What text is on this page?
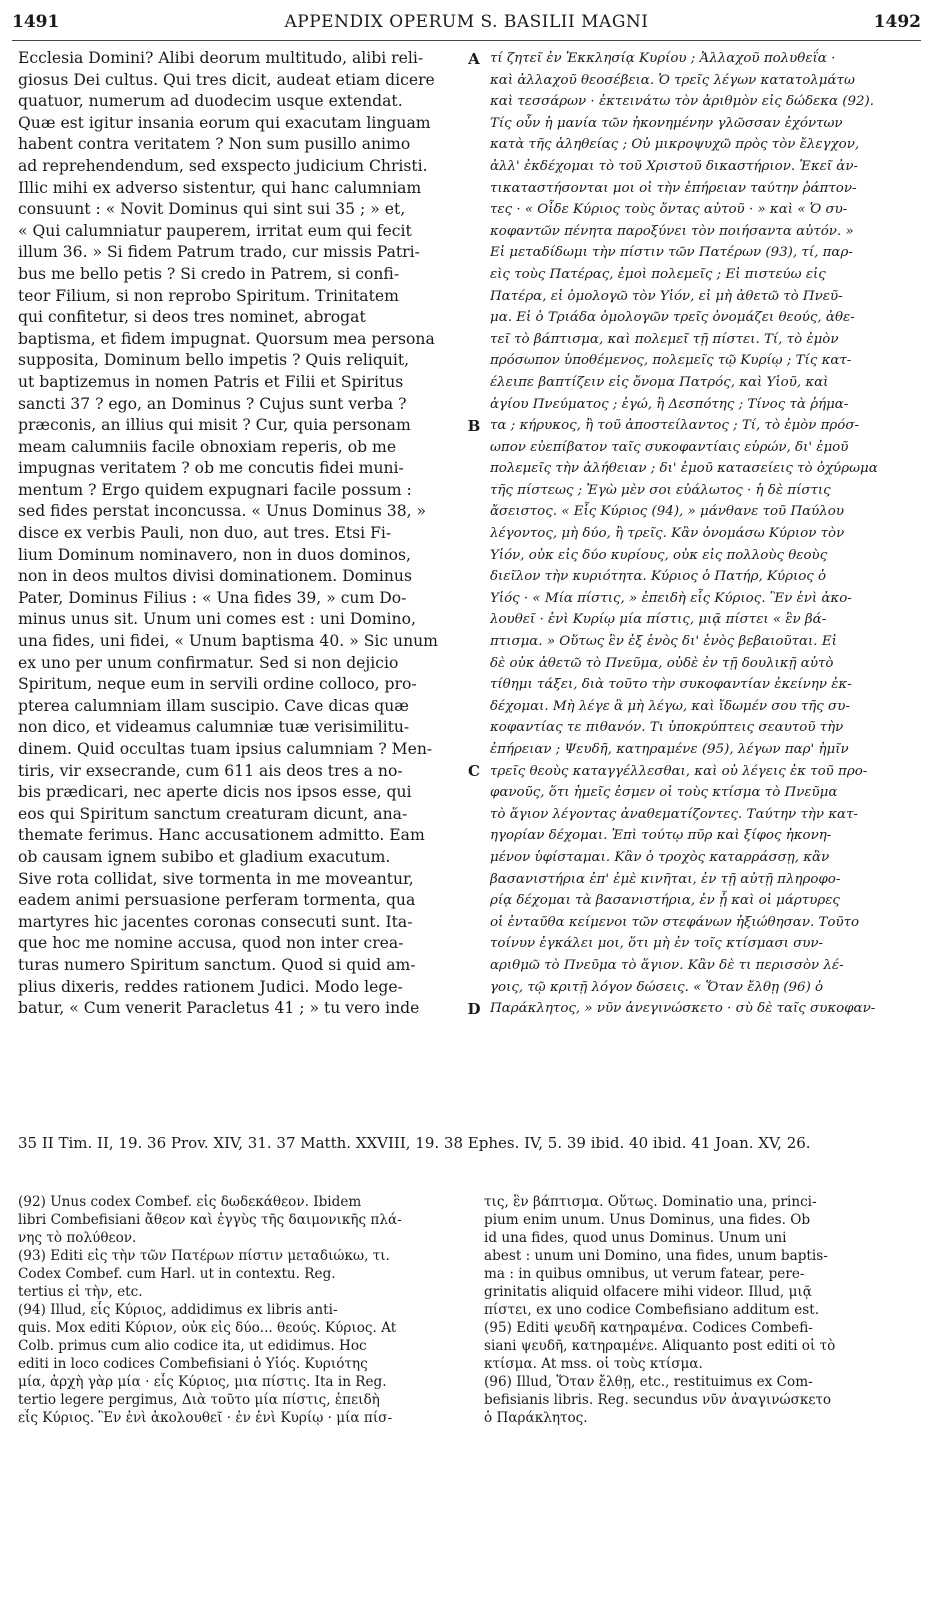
1491	APPENDIX OPERUM S. BASILII MAGNI	1492
Ecclesia Domini? Alibi deorum multitudo, alibi reli-
giosus Dei cultus. Qui tres dicit, audeat etiam dicere
quatuor, numerum ad duodecim usque extendat.
Quæ est igitur insania eorum qui exacutam linguam
habent contra veritatem ? Non sum pusillo animo
ad reprehendendum, sed exspecto judicium Christi.
Illic mihi ex adverso sistentur, qui hanc calumniam
consuunt : « Novit Dominus qui sint sui 35 ; » et,
« Qui calumniatur pauperem, irritat eum qui fecit
illum 36. » Si fidem Patrum trado, cur missis Patri-
bus me bello petis ? Si credo in Patrem, si confi-
teor Filium, si non reprobo Spiritum. Trinitatem
qui confitetur, si deos tres nominet, abrogat
baptisma, et fidem impugnat. Quorsum mea persona
supposita, Dominum bello impetis ? Quis reliquit,
ut baptizemus in nomen Patris et Filii et Spiritus
sancti 37 ? ego, an Dominus ? Cujus sunt verba ?
præconis, an illius qui misit ? Cur, quia personam
meam calumniis facile obnoxiam reperis, ob me
impugnas veritatem ? ob me concutis fidei muni-
mentum ? Ergo quidem expugnari facile possum :
sed fides perstat inconcussa. « Unus Dominus 38, »
disce ex verbis Pauli, non duo, aut tres. Etsi Fi-
lium Dominum nominavero, non in duos dominos,
non in deos multos divisi dominationem. Dominus
Pater, Dominus Filius : « Una fides 39, » cum Do-
minus unus sit. Unum uni comes est : uni Domino,
una fides, uni fidei, « Unum baptisma 40. » Sic unum
ex uno per unum confirmatur. Sed si non dejicio
Spiritum, neque eum in servili ordine colloco, pro-
pterea calumniam illam suscipio. Cave dicas quæ
non dico, et videamus calumniæ tuæ verisimilitu-
dinem. Quid occultas tuam ipsius calumniam ? Men-
tiris, vir exsecrande, cum 611 ais deos tres a no-
bis prædicari, nec aperte dicis nos ipsos esse, qui
eos qui Spiritum sanctum creaturam dicunt, ana-
themate ferimus. Hanc accusationem admitto. Eam
ob causam ignem subibo et gladium exacutum.
Sive rota collidat, sive tormenta in me moveantur,
eadem animi persuasione perferam tormenta, qua
martyres hic jacentes coronas consecuti sunt. Ita-
que hoc me nomine accusa, quod non inter crea-
turas numero Spiritum sanctum. Quod si quid am-
plius dixeris, reddes rationem Judici. Modo lege-
batur, « Cum venerit Paracletus 41 ; » tu vero inde
τί ζητεῖ ἐν Ἐκκλησίᾳ Κυρίου ; Ἀλλαχοῦ πολυθεΐα ·
καὶ ἀλλαχοῦ θεοσέβεια. Ὁ τρεῖς λέγων κατατολμάτω
καὶ τεσσάρων · ἐκτεινάτω τὸν ἀριθμὸν εἰς δώδεκα (92).
Τίς οὖν ἡ μανία τῶν ἠκονημένην γλῶσσαν ἐχόντων
κατὰ τῆς ἀληθείας ; Οὐ μικροψυχῶ πρὸς τὸν ἔλεγχον,
ἀλλ' ἐκδέχομαι τὸ τοῦ Χριστοῦ δικαστήριον. Ἐκεῖ ἀν-
τικαταστήσονται μοι οἱ τὴν ἐπήρειαν ταύτην ῥάπτον-
τες · « Οἶδε Κύριος τοὺς ὄντας αὐτοῦ · » καὶ « Ὁ συ-
κοφαντῶν πένητα παροξύνει τὸν ποιήσαντα αὐτόν. »
Εἰ μεταδίδωμι τὴν πίστιν τῶν Πατέρων (93), τί, παρ-
εὶς τοὺς Πατέρας, ἐμοὶ πολεμεῖς ; Εἰ πιστεύω εἰς
Πατέρα, εἰ ὁμολογῶ τὸν Υἱόν, εἰ μὴ ἀθετῶ τὸ Πνεῦ-
μα. Εἰ ὁ Τριάδα ὁμολογῶν τρεῖς ὀνομάζει θεούς, ἀθε-
τεῖ τὸ βάπτισμα, καὶ πολεμεῖ τῇ πίστει. Τί, τὸ ἐμὸν
πρόσωπον ὑποθέμενος, πολεμεῖς τῷ Κυρίῳ ; Τίς κατ-
έλειπε βαπτίζειν εἰς ὄνομα Πατρός, καὶ Υἱοῦ, καὶ
ἁγίου Πνεύματος ; ἐγώ, ἢ Δεσπότης ; Τίνος τὰ ῥήμα-
τα ; κήρυκος, ἢ τοῦ ἀποστείλαντος ; Τί, τὸ ἐμὸν πρόσ-
ωπον εὐεπίβατον ταῖς συκοφαντίαις εὑρών, δι' ἐμοῦ
πολεμεῖς τὴν ἀλήθειαν ; δι' ἐμοῦ κατασείεις τὸ ὀχύρωμα
τῆς πίστεως ; Ἐγὼ μὲν σοι εὐάλωτος · ἡ δὲ πίστις
ἄσειστος. « Εἷς Κύριος (94), » μάνθανε τοῦ Παύλου
λέγοντος, μὴ δύο, ἢ τρεῖς. Κἂν ὀνομάσω Κύριον τὸν
Υἱόν, οὐκ εἰς δύο κυρίους, οὐκ εἰς πολλοὺς θεοὺς
διεῖλον τὴν κυριότητα. Κύριος ὁ Πατήρ, Κύριος ὁ
Υἱός · « Μία πίστις, » ἐπειδὴ εἷς Κύριος. Ἓν ἑνὶ ἀκο-
λουθεῖ · ἑνὶ Κυρίῳ μία πίστις, μιᾷ πίστει « ἓν βά-
πτισμα. » Οὕτως ἓν ἐξ ἑνὸς δι' ἑνὸς βεβαιοῦται. Εἰ
δὲ οὐκ ἀθετῶ τὸ Πνεῦμα, οὐδὲ ἐν τῇ δουλικῇ αὐτὸ
τίθημι τάξει, διὰ τοῦτο τὴν συκοφαντίαν ἐκείνην ἐκ-
δέχομαι. Μὴ λέγε ἃ μὴ λέγω, καὶ ἴδωμέν σου τῆς συ-
κοφαντίας τε πιθανόν. Τι ὑποκρύπτεις σεαυτοῦ τὴν
ἐπήρειαν ; Ψευδῆ, κατηραμένε (95), λέγων παρ' ἡμῖν
τρεῖς θεοὺς καταγγέλλεσθαι, καὶ οὐ λέγεις ἐκ τοῦ προ-
φανοῦς, ὅτι ἡμεῖς ἐσμεν οἱ τοὺς κτίσμα τὸ Πνεῦμα
τὸ ἅγιον λέγοντας ἀναθεματίζοντες. Ταύτην τὴν κατ-
ηγορίαν δέχομαι. Ἐπὶ τούτῳ πῦρ καὶ ξίφος ἠκονη-
μένον ὑφίσταμαι. Κἂν ὁ τροχὸς καταρράσσῃ, κἂν
βασανιστήρια ἐπ' ἐμὲ κινῆται, ἐν τῇ αὐτῇ πληροφο-
ρίᾳ δέχομαι τὰ βασανιστήρια, ἐν ᾗ καὶ οἱ μάρτυρες
οἱ ἐνταῦθα κείμενοι τῶν στεφάνων ἠξιώθησαν. Τοῦτο
τοίνυν ἐγκάλει μοι, ὅτι μὴ ἐν τοῖς κτίσμασι συν-
αριθμῶ τὸ Πνεῦμα τὸ ἅγιον. Κἂν δὲ τι περισσὸν λέ-
γοις, τῷ κριτῇ λόγον δώσεις. « Ὅταν ἔλθῃ (96) ὁ
Παράκλητος, » νῦν ἀνεγινώσκετο · σὺ δὲ ταῖς συκοφαν-
A
B
C
D
35 II Tim. II, 19. 36 Prov. XIV, 31. 37 Matth. XXVIII, 19. 38 Ephes. IV, 5. 39 ibid. 40 ibid. 41 Joan. XV, 26.
(92) Unus codex Combef. εἰς δωδεκάθεον. Ibidem
libri Combefisiani ἄθεον καὶ ἐγγὺς τῆς δαιμονικῆς πλά-
νης τὸ πολύθεον.
(93) Editi εἰς τὴν τῶν Πατέρων πίστιν μεταδιώκω, τι.
Codex Combef. cum Harl. ut in contextu. Reg.
tertius εἰ τὴν, etc.
(94) Illud, εἷς Κύριος, addidimus ex libris anti-
quis. Mox editi Κύριον, οὐκ εἰς δύο... θεούς. Κύριος. At
Colb. primus cum alio codice ita, ut edidimus. Hoc
editi in loco codices Combefisiani ὁ Υἱός. Κυριότης
μία, ἀρχὴ γὰρ μία · εἷς Κύριος, μια πίστις. Ita in Reg.
tertio legere pergimus, Διὰ τοῦτο μία πίστις, ἐπειδὴ
εἷς Κύριος. Ἓν ἑνὶ ἀκολουθεῖ · ἐν ἑνὶ Κυρίῳ · μία πίσ-
τις, ἓν βάπτισμα. Οὕτως. Dominatio una, princi-
pium enim unum. Unus Dominus, una fides. Ob
id una fides, quod unus Dominus. Unum uni
abest : unum uni Domino, una fides, unum baptis-
ma : in quibus omnibus, ut verum fatear, pere-
grinitatis aliquid olfacere mihi videor. Illud, μιᾷ
πίστει, ex uno codice Combefisiano additum est.
(95) Editi ψευδῆ κατηραμένα. Codices Combefi-
siani ψευδῆ, κατηραμένε. Aliquanto post editi οἱ τὸ
κτίσμα. At mss. οἱ τοὺς κτίσμα.
(96) Illud, Ὅταν ἔλθῃ, etc., restituimus ex Com-
befisianis libris. Reg. secundus νῦν ἀναγινώσκετο
ὁ Παράκλητος.
